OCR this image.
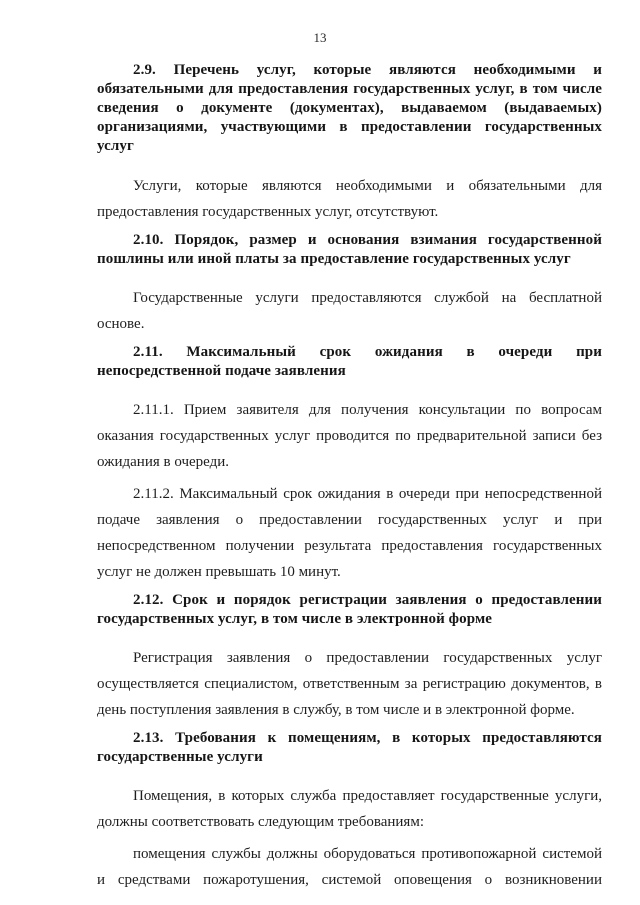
13

2.9. Перечень услуг, которые являются необходимыми и обязательными для предоставления государственных услуг, в том числе сведения о документе (документах), выдаваемом (выдаваемых) организациями, участвующими в предоставлении государственных услуг

Услуги, которые являются необходимыми и обязательными для предоставления государственных услуг, отсутствуют.

2.10. Порядок, размер и основания взимания государственной пошлины или иной платы за предоставление государственных услуг

Государственные услуги предоставляются службой на бесплатной основе.

2.11. Максимальный срок ожидания в очереди при непосредственной подаче заявления

2.11.1. Прием заявителя для получения консультации по вопросам оказания государственных услуг проводится по предварительной записи без ожидания в очереди.

2.11.2. Максимальный срок ожидания в очереди при непосредственной подаче заявления о предоставлении государственных услуг и при непосредственном получении результата предоставления государственных услуг не должен превышать 10 минут.

2.12. Срок и порядок регистрации заявления о предоставлении государственных услуг, в том числе в электронной форме

Регистрация заявления о предоставлении государственных услуг осуществляется специалистом, ответственным за регистрацию документов, в день поступления заявления в службу, в том числе и в электронной форме.

2.13. Требования к помещениям, в которых предоставляются государственные услуги

Помещения, в которых служба предоставляет государственные услуги, должны соответствовать следующим требованиям:

помещения службы должны оборудоваться противопожарной системой и средствами пожаротушения, системой оповещения о возникновении
